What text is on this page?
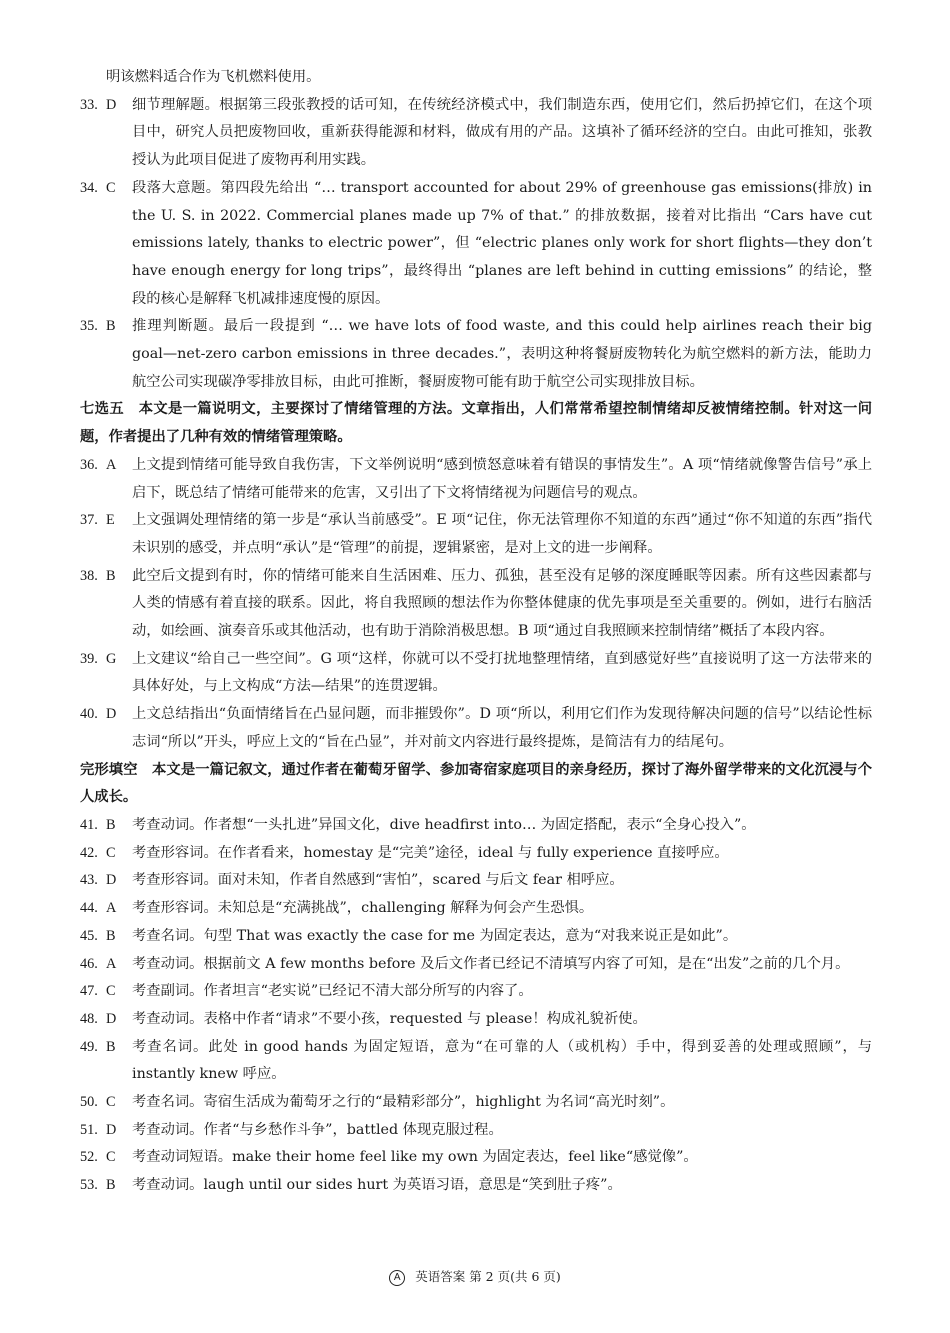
明该燃料适合作为飞机燃料使用。

33. D	细节理解题。根据第三段张教授的话可知，在传统经济模式中，我们制造东西，使用它们，然后扔掉它们，在这个项目中，研究人员把废物回收，重新获得能源和材料，做成有用的产品。这填补了循环经济的空白。由此可推知，张教授认为此项目促进了废物再利用实践。
34. C	段落大意题。第四段先给出 “… transport accounted for about 29% of greenhouse gas emissions(排放) in the U. S. in 2022. Commercial planes made up 7% of that.” 的排放数据，接着对比指出 “Cars have cut emissions lately, thanks to electric power”，但 “electric planes only work for short flights—they don’t have enough energy for long trips”，最终得出 “planes are left behind in cutting emissions” 的结论，整段的核心是解释飞机减排速度慢的原因。
35. B	推理判断题。最后一段提到 “… we have lots of food waste, and this could help airlines reach their big goal—net-zero carbon emissions in three decades.”，表明这种将餐厨废物转化为航空燃料的新方法，能助力航空公司实现碳净零排放目标，由此可推断，餐厨废物可能有助于航空公司实现排放目标。

七选五　本文是一篇说明文，主要探讨了情绪管理的方法。文章指出，人们常常希望控制情绪却反被情绪控制。针对这一问题，作者提出了几种有效的情绪管理策略。

36. A	上文提到情绪可能导致自我伤害，下文举例说明“感到愤怒意味着有错误的事情发生”。A 项“情绪就像警告信号”承上启下，既总结了情绪可能带来的危害，又引出了下文将情绪视为问题信号的观点。
37. E	上文强调处理情绪的第一步是“承认当前感受”。E 项“记住，你无法管理你不知道的东西”通过“你不知道的东西”指代未识别的感受，并点明“承认”是“管理”的前提，逻辑紧密，是对上文的进一步阐释。
38. B	此空后文提到有时，你的情绪可能来自生活困难、压力、孤独，甚至没有足够的深度睡眠等因素。所有这些因素都与人类的情感有着直接的联系。因此，将自我照顾的想法作为你整体健康的优先事项是至关重要的。例如，进行右脑活动，如绘画、演奏音乐或其他活动，也有助于消除消极思想。B 项“通过自我照顾来控制情绪”概括了本段内容。
39. G	上文建议“给自己一些空间”。G 项“这样，你就可以不受打扰地整理情绪，直到感觉好些”直接说明了这一方法带来的具体好处，与上文构成“方法—结果”的连贯逻辑。
40. D	上文总结指出“负面情绪旨在凸显问题，而非摧毁你”。D 项“所以，利用它们作为发现待解决问题的信号”以结论性标志词“所以”开头，呼应上文的“旨在凸显”，并对前文内容进行最终提炼，是简洁有力的结尾句。

完形填空　本文是一篇记叙文，通过作者在葡萄牙留学、参加寄宿家庭项目的亲身经历，探讨了海外留学带来的文化沉浸与个人成长。

41. B	考查动词。作者想“一头扎进”异国文化，dive headfirst into… 为固定搭配，表示“全身心投入”。
42. C	考查形容词。在作者看来，homestay 是“完美”途径，ideal 与 fully experience 直接呼应。
43. D	考查形容词。面对未知，作者自然感到“害怕”，scared 与后文 fear 相呼应。
44. A	考查形容词。未知总是“充满挑战”，challenging 解释为何会产生恐惧。
45. B	考查名词。句型 That was exactly the case for me 为固定表达，意为“对我来说正是如此”。
46. A	考查动词。根据前文 A few months before 及后文作者已经记不清填写内容了可知，是在“出发”之前的几个月。
47. C	考查副词。作者坦言“老实说”已经记不清大部分所写的内容了。
48. D	考查动词。表格中作者“请求”不要小孩，requested 与 please！构成礼貌祈使。
49. B	考查名词。此处 in good hands 为固定短语，意为“在可靠的人（或机构）手中，得到妥善的处理或照顾”，与 instantly knew 呼应。
50. C	考查名词。寄宿生活成为葡萄牙之行的“最精彩部分”，highlight 为名词“高光时刻”。
51. D	考查动词。作者“与乡愁作斗争”，battled 体现克服过程。
52. C	考查动词短语。make their home feel like my own 为固定表达，feel like“感觉像”。
53. B	考查动词。laugh until our sides hurt 为英语习语，意思是“笑到肚子疼”。
A 英语答案 第 2 页(共 6 页)
